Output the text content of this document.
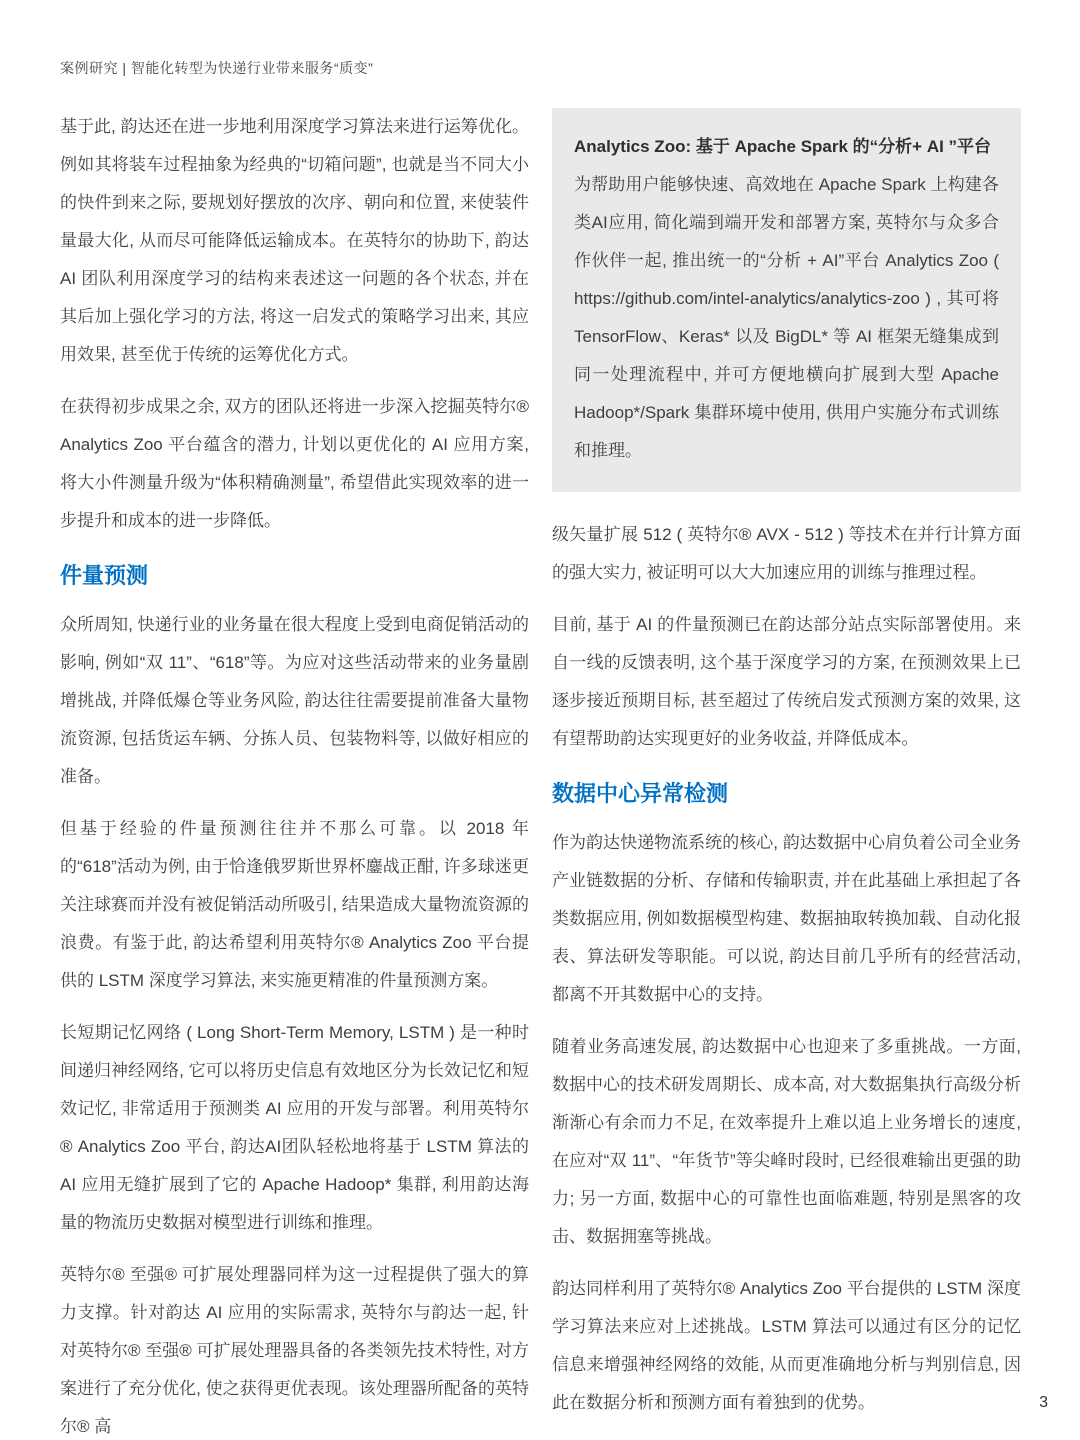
案例研究 | 智能化转型为快递行业带来服务“质变”

基于此, 韵达还在进一步地利用深度学习算法来进行运筹优化。例如其将装车过程抽象为经典的“切箱问题”, 也就是当不同大小的快件到来之际, 要规划好摆放的次序、朝向和位置, 来使装件量最大化, 从而尽可能降低运输成本。在英特尔的协助下, 韵达 AI 团队利用深度学习的结构来表述这一问题的各个状态, 并在其后加上强化学习的方法, 将这一启发式的策略学习出来, 其应用效果, 甚至优于传统的运筹优化方式。

在获得初步成果之余, 双方的团队还将进一步深入挖掘英特尔® Analytics Zoo 平台蕴含的潜力, 计划以更优化的 AI 应用方案, 将大小件测量升级为“体积精确测量”, 希望借此实现效率的进一步提升和成本的进一步降低。

件量预测

众所周知, 快递行业的业务量在很大程度上受到电商促销活动的影响, 例如“双 11”、“618”等。为应对这些活动带来的业务量剧增挑战, 并降低爆仓等业务风险, 韵达往往需要提前准备大量物流资源, 包括货运车辆、分拣人员、包装物料等, 以做好相应的准备。

但基于经验的件量预测往往并不那么可靠。以 2018 年的“618”活动为例, 由于恰逢俄罗斯世界杯鏖战正酣, 许多球迷更关注球赛而并没有被促销活动所吸引, 结果造成大量物流资源的浪费。有鉴于此, 韵达希望利用英特尔® Analytics Zoo 平台提供的 LSTM 深度学习算法, 来实施更精准的件量预测方案。

长短期记忆网络 ( Long Short-Term Memory, LSTM ) 是一种时间递归神经网络, 它可以将历史信息有效地区分为长效记忆和短效记忆, 非常适用于预测类 AI 应用的开发与部署。利用英特尔® Analytics Zoo 平台, 韵达AI团队轻松地将基于 LSTM 算法的 AI 应用无缝扩展到了它的 Apache Hadoop* 集群, 利用韵达海量的物流历史数据对模型进行训练和推理。

英特尔® 至强® 可扩展处理器同样为这一过程提供了强大的算力支撑。针对韵达 AI 应用的实际需求, 英特尔与韵达一起, 针对英特尔® 至强® 可扩展处理器具备的各类领先技术特性, 对方案进行了充分优化, 使之获得更优表现。该处理器所配备的英特尔® 高

Analytics Zoo: 基于 Apache Spark 的“分析+ AI ”平台

为帮助用户能够快速、高效地在 Apache Spark 上构建各类AI应用, 简化端到端开发和部署方案, 英特尔与众多合作伙伴一起, 推出统一的“分析 + AI”平台 Analytics Zoo ( https://github.com/intel-analytics/analytics-zoo ) , 其可将 TensorFlow、Keras* 以及 BigDL* 等 AI 框架无缝集成到同一处理流程中, 并可方便地横向扩展到大型 Apache Hadoop*/Spark 集群环境中使用, 供用户实施分布式训练和推理。

级矢量扩展 512 ( 英特尔® AVX - 512 ) 等技术在并行计算方面的强大实力, 被证明可以大大加速应用的训练与推理过程。

目前, 基于 AI 的件量预测已在韵达部分站点实际部署使用。来自一线的反馈表明, 这个基于深度学习的方案, 在预测效果上已逐步接近预期目标, 甚至超过了传统启发式预测方案的效果, 这有望帮助韵达实现更好的业务收益, 并降低成本。

数据中心异常检测

作为韵达快递物流系统的核心, 韵达数据中心肩负着公司全业务产业链数据的分析、存储和传输职责, 并在此基础上承担起了各类数据应用, 例如数据模型构建、数据抽取转换加载、自动化报表、算法研发等职能。可以说, 韵达目前几乎所有的经营活动, 都离不开其数据中心的支持。

随着业务高速发展, 韵达数据中心也迎来了多重挑战。一方面, 数据中心的技术研发周期长、成本高, 对大数据集执行高级分析渐渐心有余而力不足, 在效率提升上难以追上业务增长的速度, 在应对“双 11”、“年货节”等尖峰时段时, 已经很难输出更强的助力; 另一方面, 数据中心的可靠性也面临难题, 特别是黑客的攻击、数据拥塞等挑战。

韵达同样利用了英特尔® Analytics Zoo 平台提供的 LSTM 深度学习算法来应对上述挑战。LSTM 算法可以通过有区分的记忆信息来增强神经网络的效能, 从而更准确地分析与判别信息, 因此在数据分析和预测方面有着独到的优势。	3
